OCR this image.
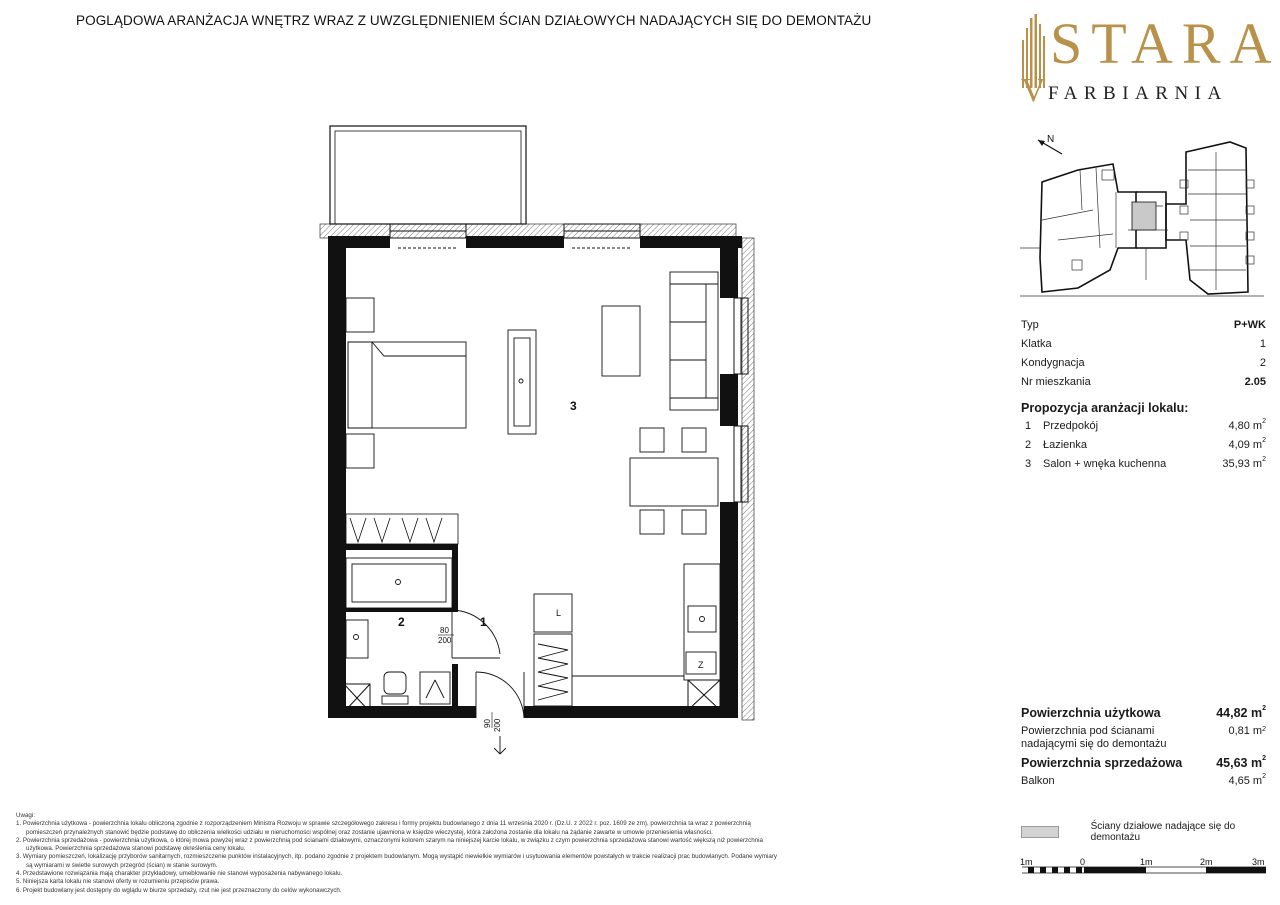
POGLĄDOWA ARANŻACJA WNĘTRZ WRAZ Z UWZGLĘDNIENIEM ŚCIAN DZIAŁOWYCH NADAJĄCYCH SIĘ DO DEMONTAŻU	STARA
V FARBIARNIA
N
Typ	P+WK
Klatka	1
Kondygnacja	2
Nr mieszkania	2.05
Propozycja aranżacji lokalu:
1	Przedpokój	4,80 $m^2$
2	Łazienka	4,09 $m^2$
3	Salon + wnęka kuchenna	35,93 $m^2$
Powierzchnia użytkowa	44,82 $m^2$
Powierzchnia pod ścianami nadającymi się do demontażu
0,81 $m^2$
Powierzchnia sprzedażowa	45,63 $m^2$
Balkon	4,65 $m^2$
Ściany działowe nadające się do demontażu
1m	0	1m	2m	3m

Uwagi:

1. Powierzchnia użytkowa - powierzchnia lokalu obliczoną zgodnie z rozporządzeniem Ministra Rozwoju w sprawie szczegółowego zakresu i formy projektu budowlanego z dnia 11 września 2020 r. (Dz.U. z 2022 r. poz. 1609 ze zm), powierzchnia ta wraz z powierzchnią

pomieszczeń przynależnych stanowić będzie podstawę do obliczenia wielkości udziału w nieruchomości wspólnej oraz zostanie ujawniona w księdze wieczystej, która założona zostanie dla lokalu na żądanie zawarte w umowie przeniesienia własności.

2. Powierzchnia sprzedażowa - powierzchnia użytkowa, o której mowa powyżej wraz z powierzchnią pod ścianami działowymi, oznaczonymi kolorem szarym na niniejszej karcie lokalu, w związku z czym powierzchnia sprzedażowa stanowi wartość większą niż powierzchnia

użytkowa. Powierzchnia sprzedażowa stanowi podstawę określenia ceny lokalu.

3. Wymiary pomieszczeń, lokalizację przyborów sanitarnych, rozmieszczenie punktów instalacyjnych, itp. podano zgodnie z projektem budowlanym. Mogą wystąpić niewielkie wymiarów i usytuowania elementów powstałych w trakcie realizacji prac budowlanych. Podane wymiary

są wymiarami w świetle surowych przegród (ścian) w stanie surowym.

4. Przedstawione rozwiązania mają charakter przykładowy, umeblowanie nie stanowi wyposażenia nabywanego lokalu.

5. Niniejsza karta lokalu nie stanowi oferty w rozumieniu przepisów prawa.

6. Projekt budowlany jest dostępny do wglądu w biurze sprzedaży, rzut nie jest przeznaczony do celów wykonawczych.

3
2	1
80
200
90 200
L
Z
